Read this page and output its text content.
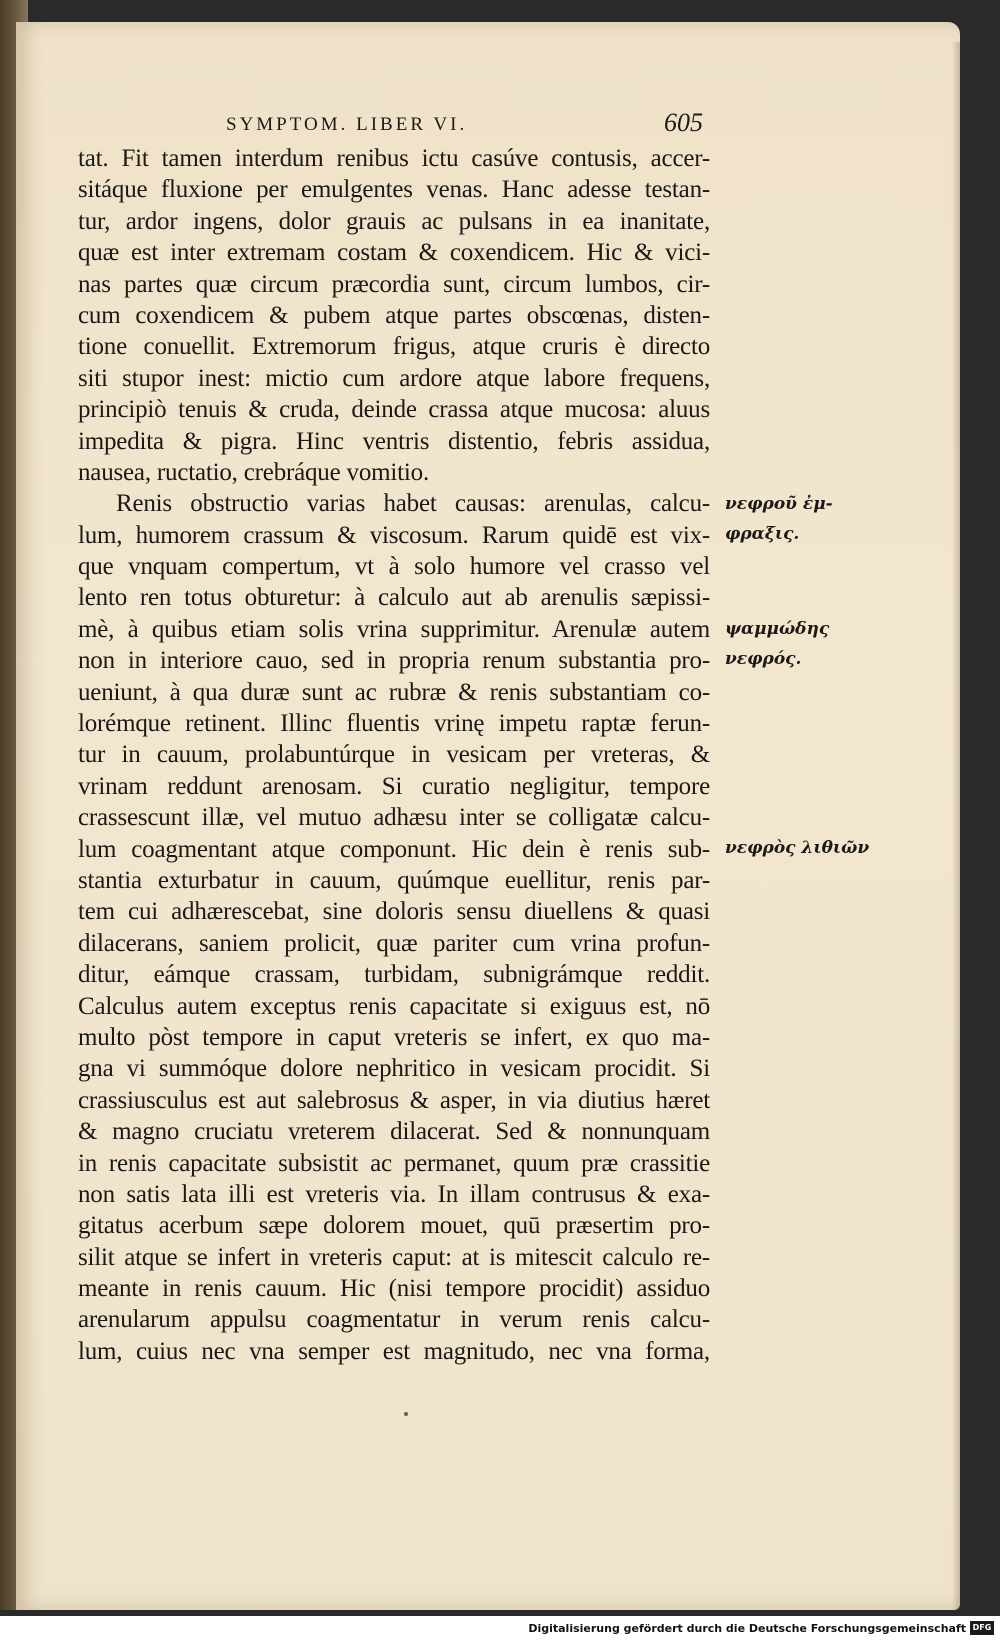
SYMPTOM. LIBER VI.	605
tat. Fit tamen interdum renibus ictu casúve contusis, accer-
sitáque fluxione per emulgentes venas. Hanc adesse testan-
tur, ardor ingens, dolor grauis ac pulsans in ea inanitate,
quæ est inter extremam costam & coxendicem. Hic & vici-
nas partes quæ circum præcordia sunt, circum lumbos, cir-
cum coxendicem & pubem atque partes obscœnas, disten-
tione conuellit. Extremorum frigus, atque cruris è directo
siti stupor inest: mictio cum ardore atque labore frequens,
principiò tenuis & cruda, deinde crassa atque mucosa: aluus
impedita & pigra. Hinc ventris distentio, febris assidua,
nausea, ructatio, crebráque vomitio.
Renis obstructio varias habet causas: arenulas, calcu-
lum, humorem crassum & viscosum. Rarum quidē est vix-
que vnquam compertum, vt à solo humore vel crasso vel
lento ren totus obturetur: à calculo aut ab arenulis sæpissi-
mè, à quibus etiam solis vrina supprimitur. Arenulæ autem
non in interiore cauo, sed in propria renum substantia pro-
ueniunt, à qua duræ sunt ac rubræ & renis substantiam co-
lorémque retinent. Illinc fluentis vrinę impetu raptæ ferun-
tur in cauum, prolabuntúrque in vesicam per vreteras, &
vrinam reddunt arenosam. Si curatio negligitur, tempore
crassescunt illæ, vel mutuo adhæsu inter se colligatæ calcu-
lum coagmentant atque componunt. Hic dein è renis sub-
stantia exturbatur in cauum, quúmque euellitur, renis par-
tem cui adhærescebat, sine doloris sensu diuellens & quasi
dilacerans, saniem prolicit, quæ pariter cum vrina profun-
ditur, eámque crassam, turbidam, subnigrámque reddit.
Calculus autem exceptus renis capacitate si exiguus est, nō
multo pòst tempore in caput vreteris se infert, ex quo ma-
gna vi summóque dolore nephritico in vesicam procidit. Si
crassiusculus est aut salebrosus & asper, in via diutius hæret
& magno cruciatu vreterem dilacerat. Sed & nonnunquam
in renis capacitate subsistit ac permanet, quum præ crassitie
non satis lata illi est vreteris via. In illam contrusus & exa-
gitatus acerbum sæpe dolorem mouet, quū præsertim pro-
silit atque se infert in vreteris caput: at is mitescit calculo re-
meante in renis cauum. Hic (nisi tempore procidit) assiduo
arenularum appulsu coagmentatur in verum renis calcu-
lum, cuius nec vna semper est magnitudo, nec vna forma,
νεφροῦ ἐμ-
φραξις.
ψαμμώδης
νεφρός.
νεφρὸς λιθιῶν
Digitalisierung gefördert durch die Deutsche Forschungsgemeinschaft DFG
